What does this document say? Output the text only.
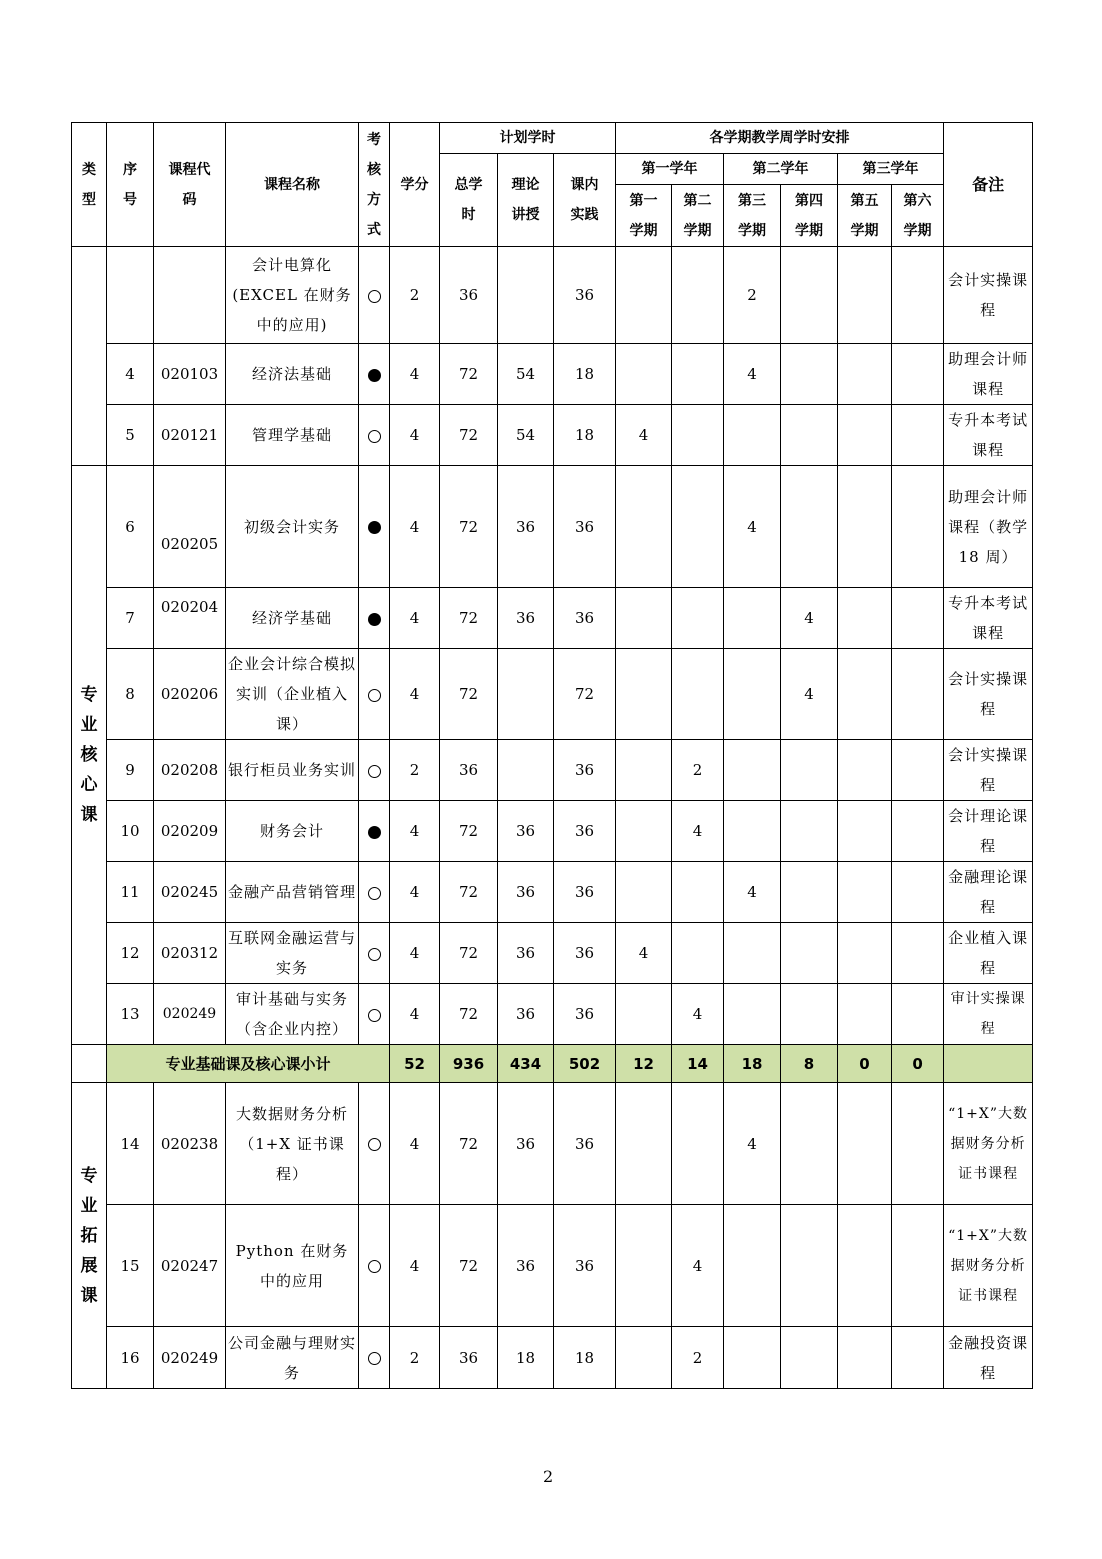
类型	序号	课程代码	课程名称	考核方式	学分	计划学时			各学期教学周学时安排						备注
						总学时	理论讲授	课内实践	第一学年		第二学年		第三学年		
									第一学期	第二学期	第三学期	第四学期	第五学期	第六学期	

			会计电算化(EXCEL 在财务中的应用)		2	36		36			2				会计实操课程
	4	020103	经济法基础		4	72	54	18			4				助理会计师课程
	5	020121	管理学基础		4	72	54	18	4						专升本考试课程
专业核心课	6	020205	初级会计实务		4	72	36	36			4				助理会计师课程（教学 18 周）
	7	020204	经济学基础		4	72	36	36				4			专升本考试课程
	8	020206	企业会计综合模拟实训（企业植入课）		4	72		72				4			会计实操课程
	9	020208	银行柜员业务实训		2	36		36		2					会计实操课程
	10	020209	财务会计		4	72	36	36		4					会计理论课程
	11	020245	金融产品营销管理		4	72	36	36			4				金融理论课程
	12	020312	互联网金融运营与实务		4	72	36	36	4						企业植入课程
	13	020249	审计基础与实务（含企业内控）		4	72	36	36		4					审计实操课程
	专业基础课及核心课小计				52	936	434	502	12	14	18	8	0	0	
专业拓展课	14	020238	大数据财务分析（1+X 证书课程）		4	72	36	36			4				“1+X”大数据财务分析证书课程
	15	020247	Python 在财务中的应用		4	72	36	36		4					“1+X”大数据财务分析证书课程
	16	020249	公司金融与理财实务		2	36	18	18		2					金融投资课程
2
